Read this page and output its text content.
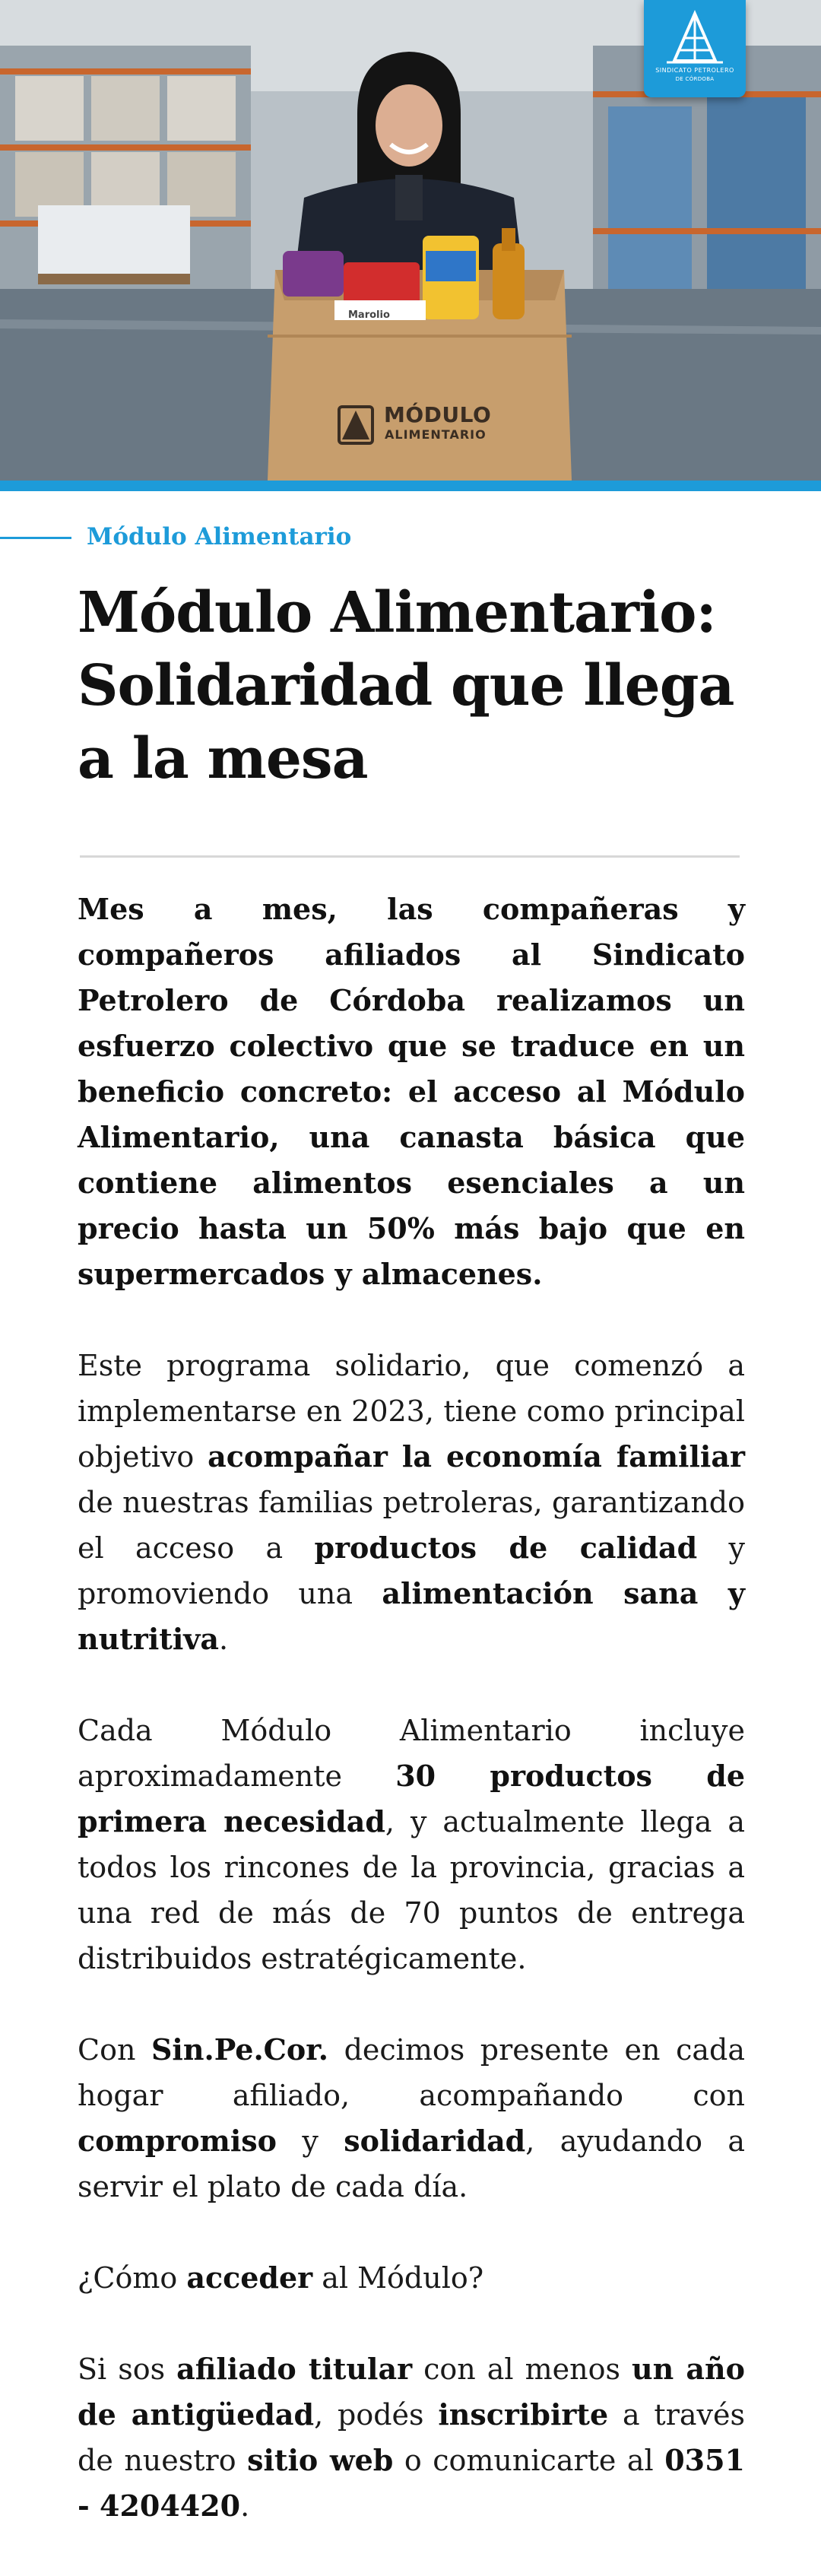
Marolio
MÓDULO
ALIMENTARIO
SINDICATO PETROLERO
DE CÓRDOBA
Módulo Alimentario
Módulo Alimentario:
Solidaridad que llega
a la mesa

Mes a mes, las compañeras y compañeros afiliados al Sindicato Petrolero de Córdoba realizamos un esfuerzo colectivo que se traduce en un beneficio concreto: el acceso al Módulo Alimentario, una canasta básica que contiene alimentos esenciales a un precio hasta un 50% más bajo que en supermercados y almacenes.

Este programa solidario, que comenzó a implementarse en 2023, tiene como principal objetivo acompañar la economía familiar de nuestras familias petroleras, garantizando el acceso a productos de calidad y promoviendo una alimentación sana y nutritiva.

Cada Módulo Alimentario incluye aproximadamente 30 productos de primera necesidad, y actualmente llega a todos los rincones de la provincia, gracias a una red de más de 70 puntos de entrega distribuidos estratégicamente.

Con Sin.Pe.Cor. decimos presente en cada hogar afiliado, acompañando con compromiso y solidaridad, ayudando a servir el plato de cada día.

¿Cómo acceder al Módulo?

Si sos afiliado titular con al menos un año de antigüedad, podés inscribirte a través de nuestro sitio web o comunicarte al 0351 - 4204420.
